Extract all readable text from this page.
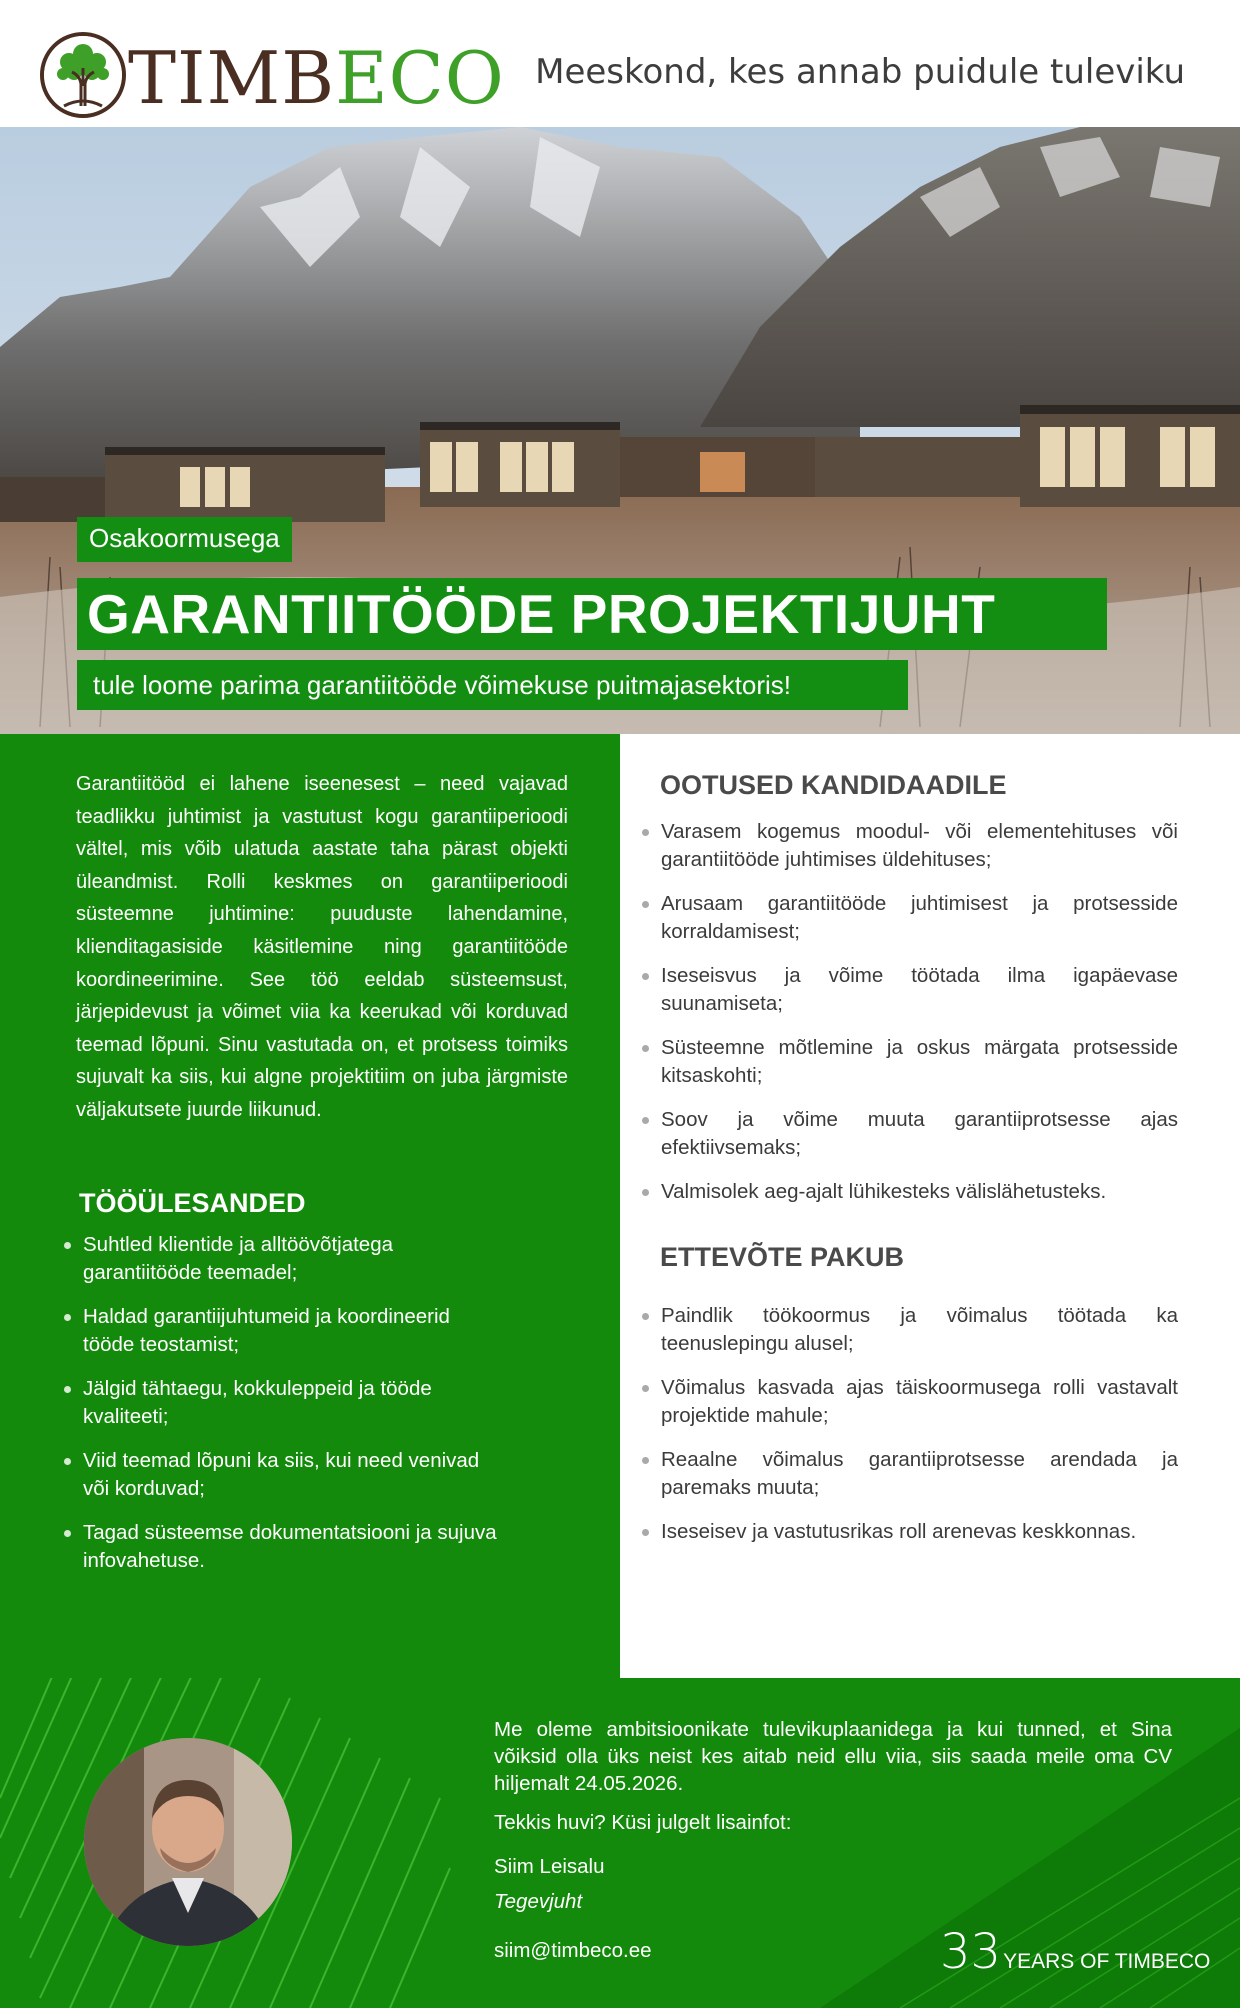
TIMBECO Meeskond, kes annab puidule tuleviku
Osakoormusega
GARANTIITÖÖDE PROJEKTIJUHT
tule loome parima garantiitööde võimekuse puitmajasektoris!

Garantiitööd ei lahene iseenesest – need vajavad teadlikku juhtimist ja vastutust kogu garantiiperioodi vältel, mis võib ulatuda aastate taha pärast objekti üleandmist. Rolli keskmes on garantiiperioodi süsteemne juhtimine: puuduste lahendamine, klienditagasiside käsitlemine ning garantiitööde koordineerimine. See töö eeldab süsteemsust, järjepidevust ja võimet viia ka keerukad või korduvad teemad lõpuni. Sinu vastutada on, et protsess toimiks sujuvalt ka siis, kui algne projektitiim on juba järgmiste väljakutsete juurde liikunud.

TÖÖÜLESANDED
Suhtled klientide ja alltöövõtjatega garantiitööde teemadel;
Haldad garantiijuhtumeid ja koordineerid tööde teostamist;
Jälgid tähtaegu, kokkuleppeid ja tööde kvaliteeti;
Viid teemad lõpuni ka siis, kui need venivad või korduvad;
Tagad süsteemse dokumentatsiooni ja sujuva infovahetuse.
OOTUSED KANDIDAADILE
Varasem kogemus moodul- või elementehituses või garantiitööde juhtimises üldehituses;
Arusaam garantiitööde juhtimisest ja protsesside korraldamisest;
Iseseisvus ja võime töötada ilma igapäevase suunamiseta;
Süsteemne mõtlemine ja oskus märgata protsesside kitsaskohti;
Soov ja võime muuta garantiiprotsesse ajas efektiivsemaks;
Valmisolek aeg-ajalt lühikesteks välislähetusteks.
ETTEVÕTE PAKUB
Paindlik töökoormus ja võimalus töötada ka teenuslepingu alusel;
Võimalus kasvada ajas täiskoormusega rolli vastavalt projektide mahule;
Reaalne võimalus garantiiprotsesse arendada ja paremaks muuta;
Iseseisev ja vastutusrikas roll arenevas keskkonnas.

Me oleme ambitsioonikate tulevikuplaanidega ja kui tunned, et Sina võiksid olla üks neist kes aitab neid ellu viia, siis saada meile oma CV hiljemalt 24.05.2026.

Tekkis huvi? Küsi julgelt lisainfot:

Siim Leisalu

Tegevjuht

siim@timbeco.ee	33YEARS OF TIMBECO
